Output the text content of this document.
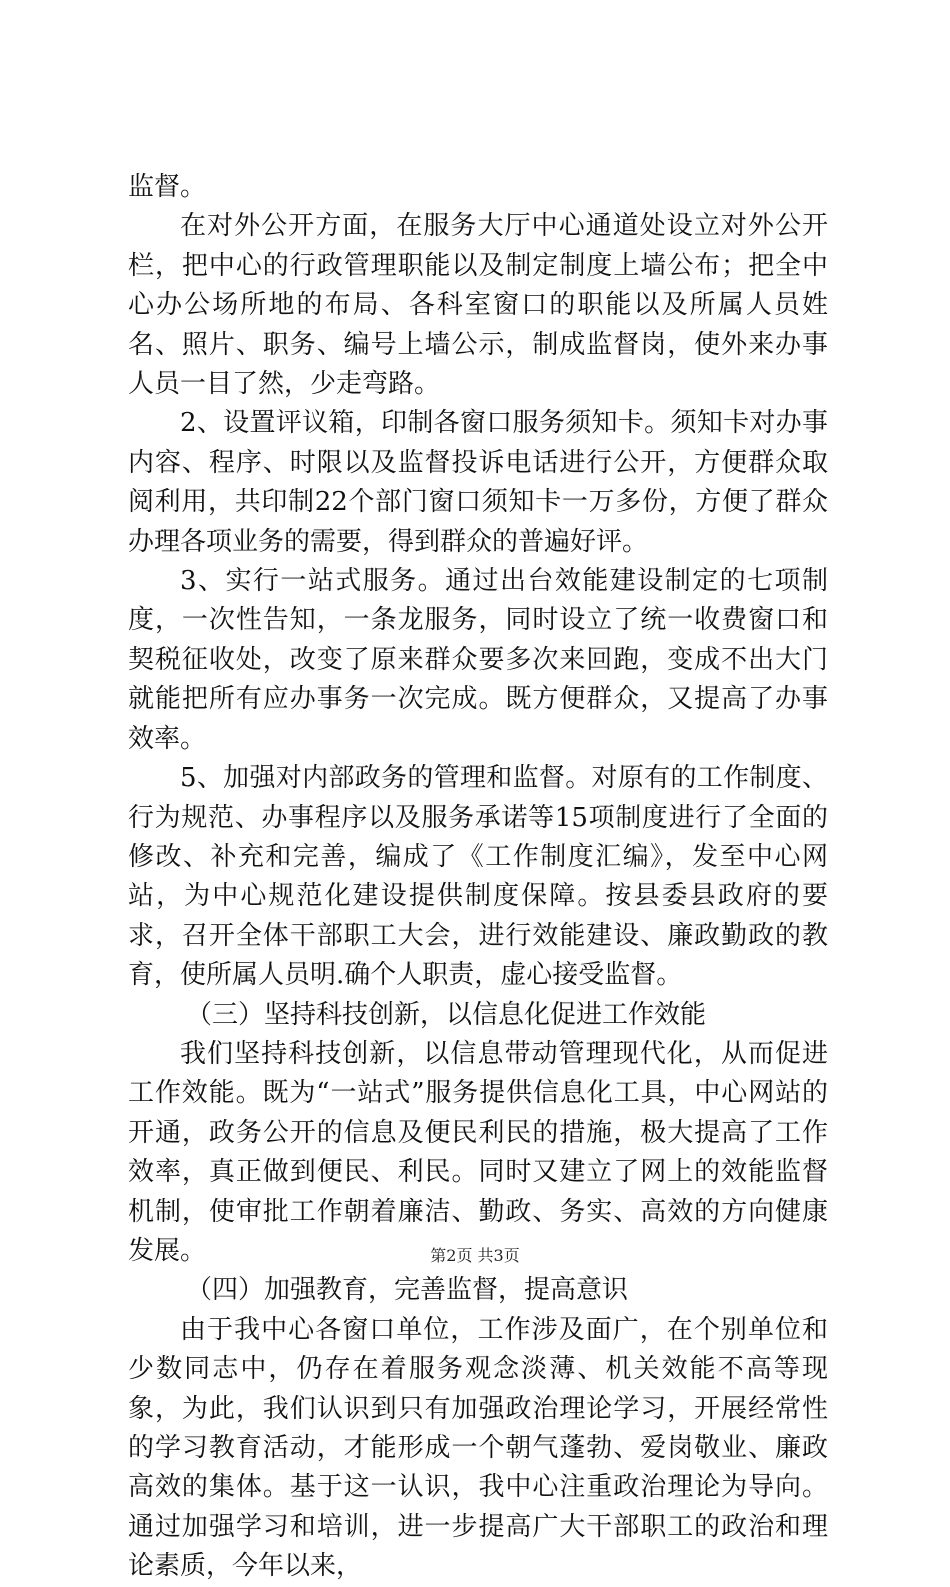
监督。

在对外公开方面，在服务大厅中心通道处设立对外公开栏，把中心的行政管理职能以及制定制度上墙公布；把全中心办公场所地的布局、各科室窗口的职能以及所属人员姓名、照片、职务、编号上墙公示，制成监督岗，使外来办事人员一目了然，少走弯路。

2、设置评议箱，印制各窗口服务须知卡。须知卡对办事内容、程序、时限以及监督投诉电话进行公开，方便群众取阅利用，共印制22个部门窗口须知卡一万多份，方便了群众办理各项业务的需要，得到群众的普遍好评。

3、实行一站式服务。通过出台效能建设制定的七项制度，一次性告知，一条龙服务，同时设立了统一收费窗口和契税征收处，改变了原来群众要多次来回跑，变成不出大门就能把所有应办事务一次完成。既方便群众，又提高了办事效率。

5、加强对内部政务的管理和监督。对原有的工作制度、行为规范、办事程序以及服务承诺等15项制度进行了全面的修改、补充和完善，编成了《工作制度汇编》，发至中心网站，为中心规范化建设提供制度保障。按县委县政府的要求，召开全体干部职工大会，进行效能建设、廉政勤政的教育，使所属人员明.确个人职责，虚心接受监督。

（三）坚持科技创新，以信息化促进工作效能

我们坚持科技创新，以信息带动管理现代化，从而促进工作效能。既为“一站式”服务提供信息化工具，中心网站的开通，政务公开的信息及便民利民的措施，极大提高了工作效率，真正做到便民、利民。同时又建立了网上的效能监督机制，使审批工作朝着廉洁、勤政、务实、高效的方向健康发展。

（四）加强教育，完善监督，提高意识

由于我中心各窗口单位，工作涉及面广，在个别单位和少数同志中，仍存在着服务观念淡薄、机关效能不高等现象，为此，我们认识到只有加强政治理论学习，开展经常性的学习教育活动，才能形成一个朝气蓬勃、爱岗敬业、廉政高效的集体。基于这一认识，我中心注重政治理论为导向。通过加强学习和培训，进一步提高广大干部职工的政治和理论素质，今年以来，

第2页 共3页
